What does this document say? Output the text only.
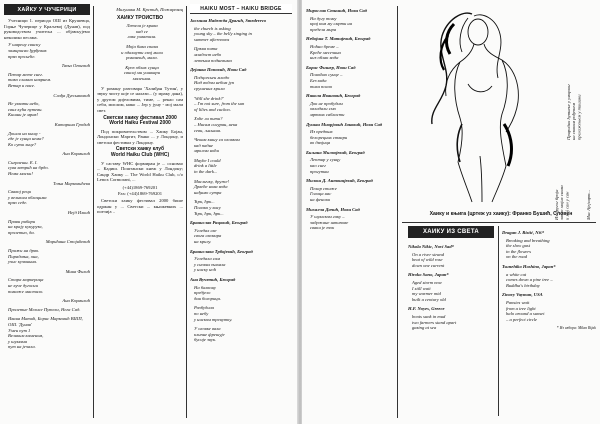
ХАЙКУ У ЧУЧЕРИЦИ
Учесници 1. периода ОШ из Крушевца, Горње Чучерице у Краљевој (Дунав), под руководством учитеља ... објављујемо неколико песама.
У шарену свиску
замирисао ђурђевак
прво прољеће.
Тања Огњевић
Петар мете снег.
тако сламно наврнем.
Ветар и пасе.
Слађа Дупљаковић
Не ухвати небо,
свих кућа путеви.
Кишни је мрак!
Катарина Гродић
Дошла на кишу -
где је сунца нема?
Ко сути лице?
Ана Кормилић
Сиграешн. Е. I.
сува ветрић на брдо.
Нема маски!
Тоња Марковићева
Свакој реци
у великим облацима
прво седе.
Нејд Илкић
Прави рибари
на крају кукуруза,
пролетно, да.
Марићана Стојићевић
Прижи на дрво.
Пирадиња, она,
учис кузвшина.
Мина Филић
Стара маркерица
не вуче дугосни
помаже мастило.
Ана Кормилић
Пролетне Мелисе Путели, Нега Сад.
Ивана Матић, Борис Марковић ВШП, ОШ. 'Дунав'
Умен пут 1
Великим каменом,
у шумама
пут на јечала.
Милуника М. Крстић, Пожаревац
ХАИКУ ТРОИСТВО
Летела је крава
кад се
лакс ухватила.
Моја бака спава
и одахнути свој мали
романчић, мала.
Кроз облак сунца
свисај ми ушикари
малешна.
У роману разговара 'Халиђан Тутин', у звуку чисту које се налази... (у мраку дана), у другом дијеловима, тиме, ... рекао сам себи, мислим, нико ... Јер у јуну - мој мали свет.
Светски хаику фестивал 2000
World Haiku Festival 2000
Под покровитељством ... Хаику Бојан, Лондонски Маргит, Ранко ... у Лондону, и светски фестивал у Лондону.
Светски хаику клуб
World Haiku Club (WHC)
У саставу WHC формиран је ... основао ... Кадиш. Поштански кнеж у Лондону; Сандр Хаику ... The World Haiku Club, с/о Lenox Cormorant, ...
(+44)1869-769201
Fax: (+44)1869-769201
Светски хаику фестивал 2000 бише одржан у ... Светски ... књижевних ... поезија ..
HAIKU MOST – HAIKU BRIDGE
Јасмина Надежда Драгић, Smederevo
the church is asking
young sky – the belly singing in
summer afternoons
Црква пита
младост небо
летњим подневима
Дејанка Поповић, Нови Сад
Подцопљен младо
Над водом небом јуп
срушених крила
'Will she drink?'
– I'm not sure, from the sun
of lilies and cuckoo.
Хоће ли пити?
– Нисам сигуран, нека
севи, љиљана.
Чекам кишу са оловком
кад падне
мрклом ноћи
Maybe I could
drink a little
in the dark...
Масличку, друже!
Дрвеће нова вода
нађимо сутра
Ћрк, ћрк...
Полако у вису
Ћрк, ћрк, ћрк...
Бранислав Рацовић, Београд
Угледах све
свога свемира
на крилу.
Бранислава Трбојевић, Београд
Угледала сам
у снових њихала
у ниску ноћ
Ана Вучетић, Београд
На балкону
предјело
дан богорица.
Разбудила
по небу
у ниском тренутку.
У оловке вала
клипне фрешује
бусије звук.
Мирослав Стишић, Нови Сад
На дугу тому
крај ком му смрти на
предела мира
Небојша Т. Матијевић, Београд
Ноћно бреме –
Креће месечина
низ облак вода
Борис Фишер, Нови Сад
Поноћно сунце –
Без вида
тиха посао
Никола Ивановић, Београд
Док не пробудим
овладали смо
мртвих сабласти
Душан Миорјовић Јаковић, Нови Сад
Из предњих
белорецних ствари
во двојица
Биљана Милвојевић, Београд
Лептир у сунцу
као снег
прогутан
Милош Д. Антонијевић, Београд
Пехар стиже
Голица нас
на фенови
Михалча Дачић, Нови Сад
У шумском гаку –
задржанe штипoвe
сваки је ток
Природно ћутање у уморног
на сваком рођењем
прелажењем у тишини
Из другог броја
запис мојих снова
и мој сан у сан	Мис Ајејсарт...
Хаику и књига (цртеж уз хаику): Франко Бушић, Словен
ХАИКУ ИЗ СВЕТА
Nikola Nikic, Novi Sad*
On a river strand
beat of wild rose
down one current
Hiroko Sano, Japan*
Aged storm now
I still wait
my warmer mid
built a century old
H.F. Noyes, Greece
boots sunk in mud
two farmers stand apart
gazing at sea
Dragan J. Ristić, Niš*
Breaking and breathing
the slow gust
in the flowers
on the road
Tsunehiko Hoshino, Japan*
a white cat
comes down a pine tree –
Buddha's birthday
Zinovy Vayman, USA
Pansies wait
from a tree light
halo around a sunset
– a perfect circle
* Из избора: Milan Rijak
